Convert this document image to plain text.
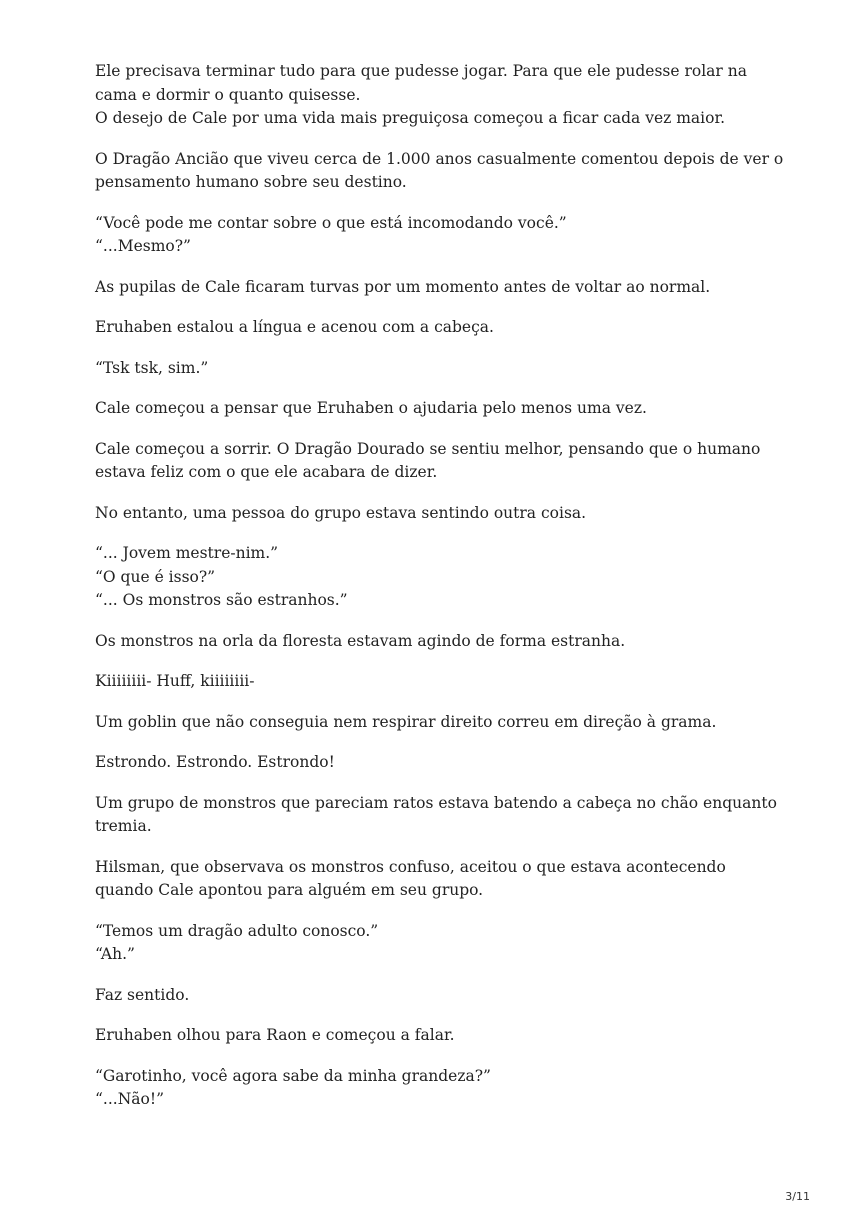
Ele precisava terminar tudo para que pudesse jogar. Para que ele pudesse rolar na cama e dormir o quanto quisesse.
O desejo de Cale por uma vida mais preguiçosa começou a ficar cada vez maior.

O Dragão Ancião que viveu cerca de 1.000 anos casualmente comentou depois de ver o pensamento humano sobre seu destino.

“Você pode me contar sobre o que está incomodando você.”
“...Mesmo?”

As pupilas de Cale ficaram turvas por um momento antes de voltar ao normal.

Eruhaben estalou a língua e acenou com a cabeça.

“Tsk tsk, sim.”

Cale começou a pensar que Eruhaben o ajudaria pelo menos uma vez.

Cale começou a sorrir. O Dragão Dourado se sentiu melhor, pensando que o humano estava feliz com o que ele acabara de dizer.

No entanto, uma pessoa do grupo estava sentindo outra coisa.

“... Jovem mestre-nim.”
“O que é isso?”
“... Os monstros são estranhos.”

Os monstros na orla da floresta estavam agindo de forma estranha.

Kiiiiiiii- Huff, kiiiiiiii-

Um goblin que não conseguia nem respirar direito correu em direção à grama.

Estrondo. Estrondo. Estrondo!

Um grupo de monstros que pareciam ratos estava batendo a cabeça no chão enquanto tremia.

Hilsman, que observava os monstros confuso, aceitou o que estava acontecendo quando Cale apontou para alguém em seu grupo.

“Temos um dragão adulto conosco.”
“Ah.”

Faz sentido.

Eruhaben olhou para Raon e começou a falar.

“Garotinho, você agora sabe da minha grandeza?”
“...Não!”

3/11
